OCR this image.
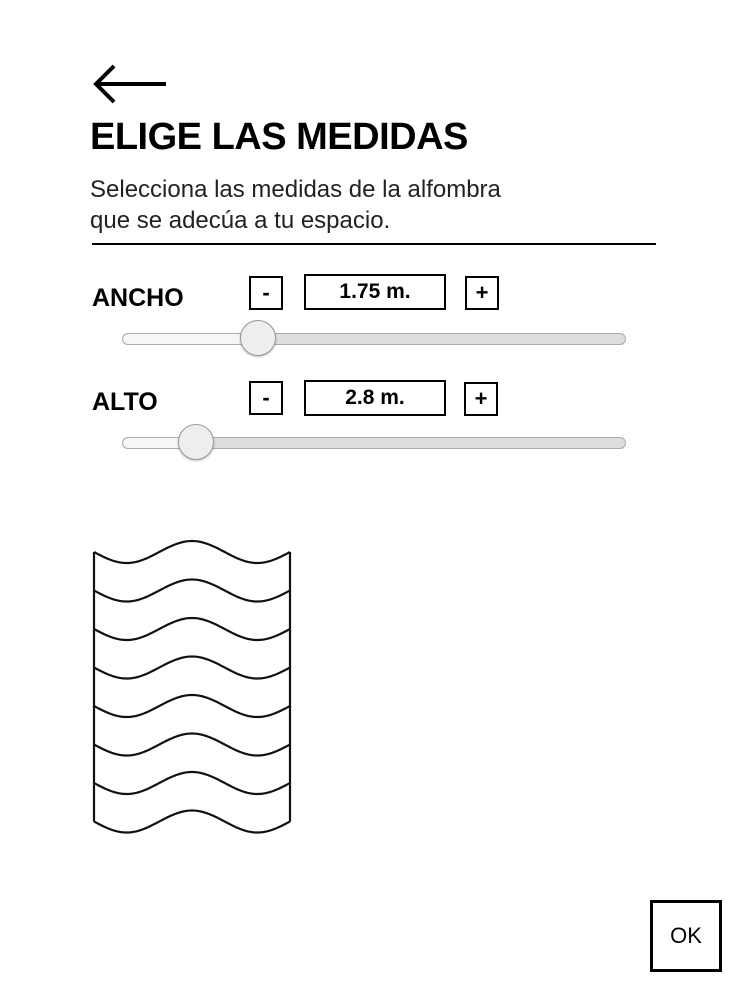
ELIGE LAS MEDIDAS

Selecciona las medidas de la alfombra
que se adecúa a tu espacio.

ANCHO	-	1.75 m.	+
ALTO	-	2.8 m.	+
OK
